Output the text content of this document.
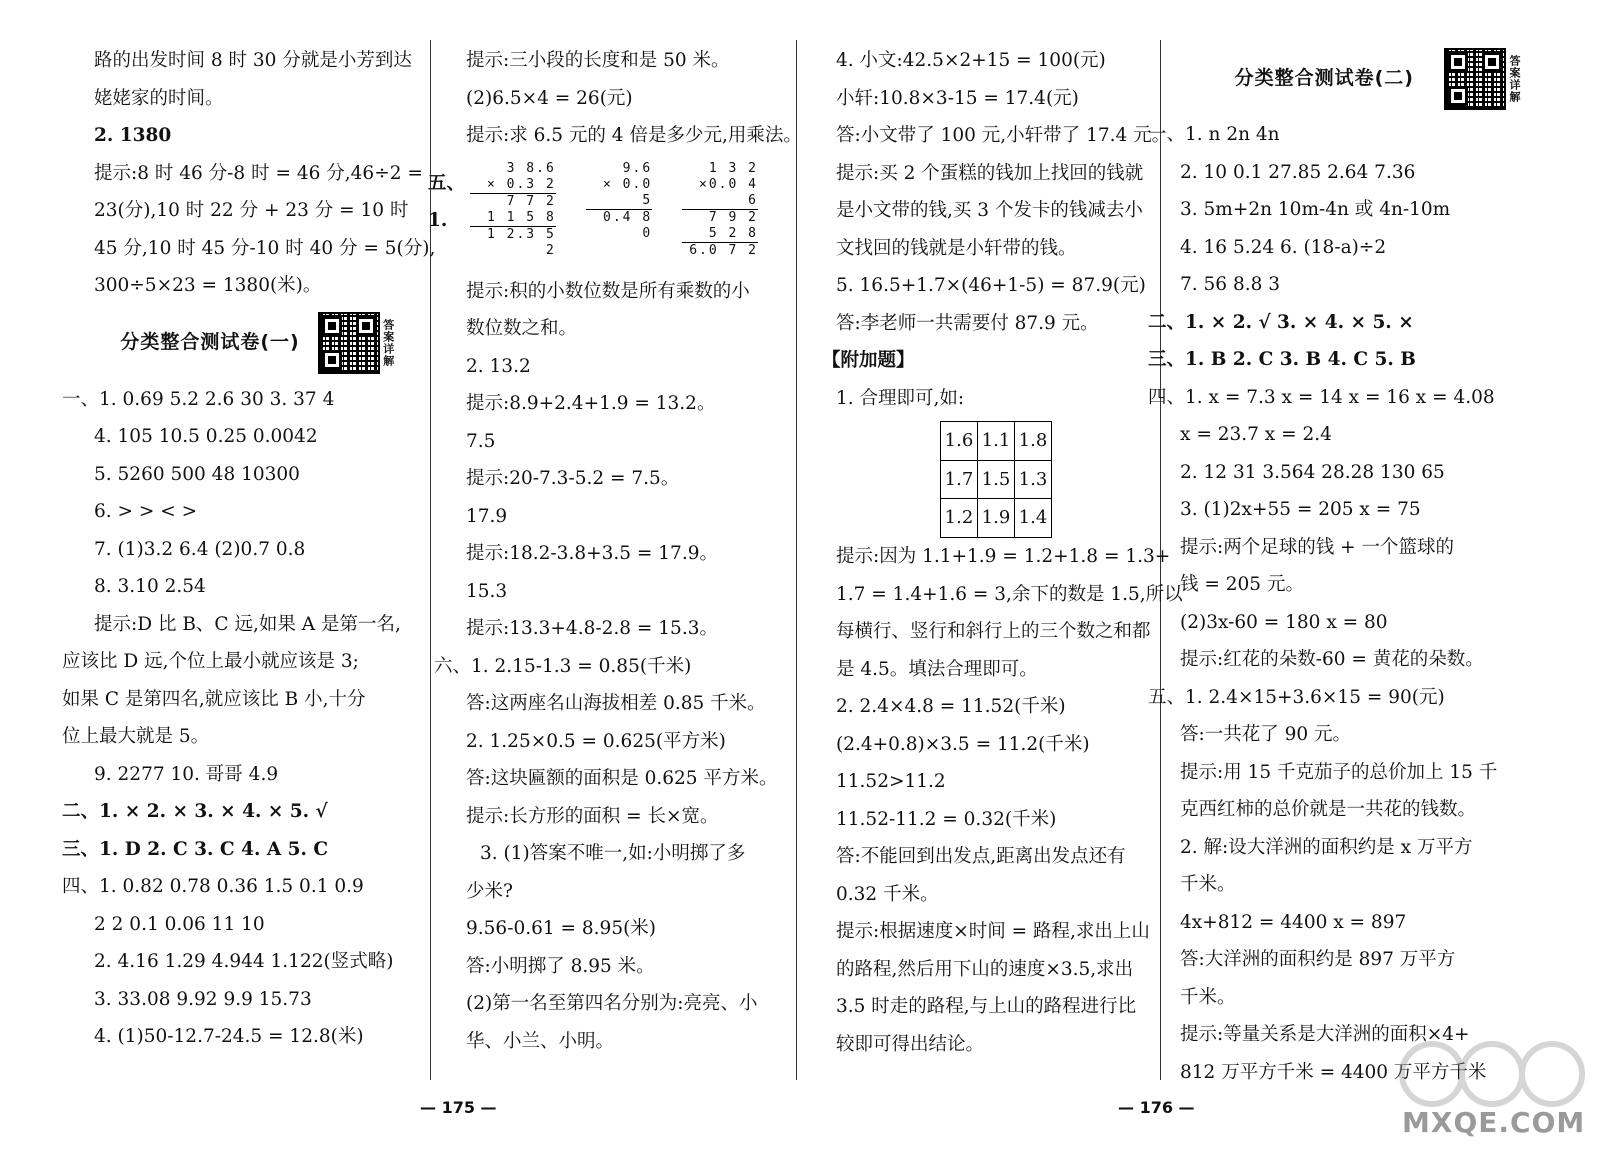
路的出发时间 8 时 30 分就是小芳到达
姥姥家的时间。
2. 1380
提示:8 时 46 分-8 时 = 46 分,46÷2 =
23(分),10 时 22 分 + 23 分 = 10 时
45 分,10 时 45 分-10 时 40 分 = 5(分),
300÷5×23 = 1380(米)。
分类整合测试卷(一)	答案详解
一、1. 0.69 5.2 2.6 30 3. 37 4
4. 105 10.5 0.25 0.0042
5. 5260 500 48 10300
6. > > < >
7. (1)3.2 6.4 (2)0.7 0.8
8. 3.10 2.54
提示:D 比 B、C 远,如果 A 是第一名,
应该比 D 远,个位上最小就应该是 3;
如果 C 是第四名,就应该比 B 小,十分
位上最大就是 5。
9. 2277 10. 哥哥 4.9
二、1. × 2. × 3. × 4. × 5. √
三、1. D 2. C 3. C 4. A 5. C
四、1. 0.82 0.78 0.36 1.5 0.1 0.9
2 2 0.1 0.06 11 10
2. 4.16 1.29 4.944 1.122(竖式略)
3. 33.08 9.92 9.9 15.73
4. (1)50-12.7-24.5 = 12.8(米)
提示:三小段的长度和是 50 米。
(2)6.5×4 = 26(元)
提示:求 6.5 元的 4 倍是多少元,用乘法。
五、1.
3 8.6
× 0.3 2
7 7 2
1 1 5 8
1 2.3 5 2
9.6
× 0.0 5
0.4 8 0
1 3 2
×0.0 4 6
7 9 2
5 2 8
6.0 7 2
提示:积的小数位数是所有乘数的小
数位数之和。
2. 13.2
提示:8.9+2.4+1.9 = 13.2。
7.5
提示:20-7.3-5.2 = 7.5。
17.9
提示:18.2-3.8+3.5 = 17.9。
15.3
提示:13.3+4.8-2.8 = 15.3。
六、1. 2.15-1.3 = 0.85(千米)
答:这两座名山海拔相差 0.85 千米。
2. 1.25×0.5 = 0.625(平方米)
答:这块匾额的面积是 0.625 平方米。
提示:长方形的面积 = 长×宽。
3. (1)答案不唯一,如:小明掷了多
少米?
9.56-0.61 = 8.95(米)
答:小明掷了 8.95 米。
(2)第一名至第四名分别为:亮亮、小
华、小兰、小明。
4. 小文:42.5×2+15 = 100(元)
小轩:10.8×3-15 = 17.4(元)
答:小文带了 100 元,小轩带了 17.4 元。
提示:买 2 个蛋糕的钱加上找回的钱就
是小文带的钱,买 3 个发卡的钱减去小
文找回的钱就是小轩带的钱。
5. 16.5+1.7×(46+1-5) = 87.9(元)
答:李老师一共需要付 87.9 元。
【附加题】
1. 合理即可,如:
1.6	1.1	1.8
1.7	1.5	1.3
1.2	1.9	1.4
提示:因为 1.1+1.9 = 1.2+1.8 = 1.3+
1.7 = 1.4+1.6 = 3,余下的数是 1.5,所以
每横行、竖行和斜行上的三个数之和都
是 4.5。填法合理即可。
2. 2.4×4.8 = 11.52(千米)
(2.4+0.8)×3.5 = 11.2(千米)
11.52>11.2
11.52-11.2 = 0.32(千米)
答:不能回到出发点,距离出发点还有
0.32 千米。
提示:根据速度×时间 = 路程,求出上山
的路程,然后用下山的速度×3.5,求出
3.5 时走的路程,与上山的路程进行比
较即可得出结论。
分类整合测试卷(二)	答案详解
一、1. n 2n 4n
2. 10 0.1 27.85 2.64 7.36
3. 5m+2n 10m-4n 或 4n-10m
4. 16 5.24 6. (18-a)÷2
7. 56 8.8 3
二、1. × 2. √ 3. × 4. × 5. ×
三、1. B 2. C 3. B 4. C 5. B
四、1. x = 7.3 x = 14 x = 16 x = 4.08
x = 23.7 x = 2.4
2. 12 31 3.564 28.28 130 65
3. (1)2x+55 = 205 x = 75
提示:两个足球的钱 + 一个篮球的
钱 = 205 元。
(2)3x-60 = 180 x = 80
提示:红花的朵数-60 = 黄花的朵数。
五、1. 2.4×15+3.6×15 = 90(元)
答:一共花了 90 元。
提示:用 15 千克茄子的总价加上 15 千
克西红柿的总价就是一共花的钱数。
2. 解:设大洋洲的面积约是 x 万平方
千米。
4x+812 = 4400 x = 897
答:大洋洲的面积约是 897 万平方
千米。
提示:等量关系是大洋洲的面积×4+
812 万平方千米 = 4400 万平方千米
— 175 —	— 176 —	MXQE.COM
